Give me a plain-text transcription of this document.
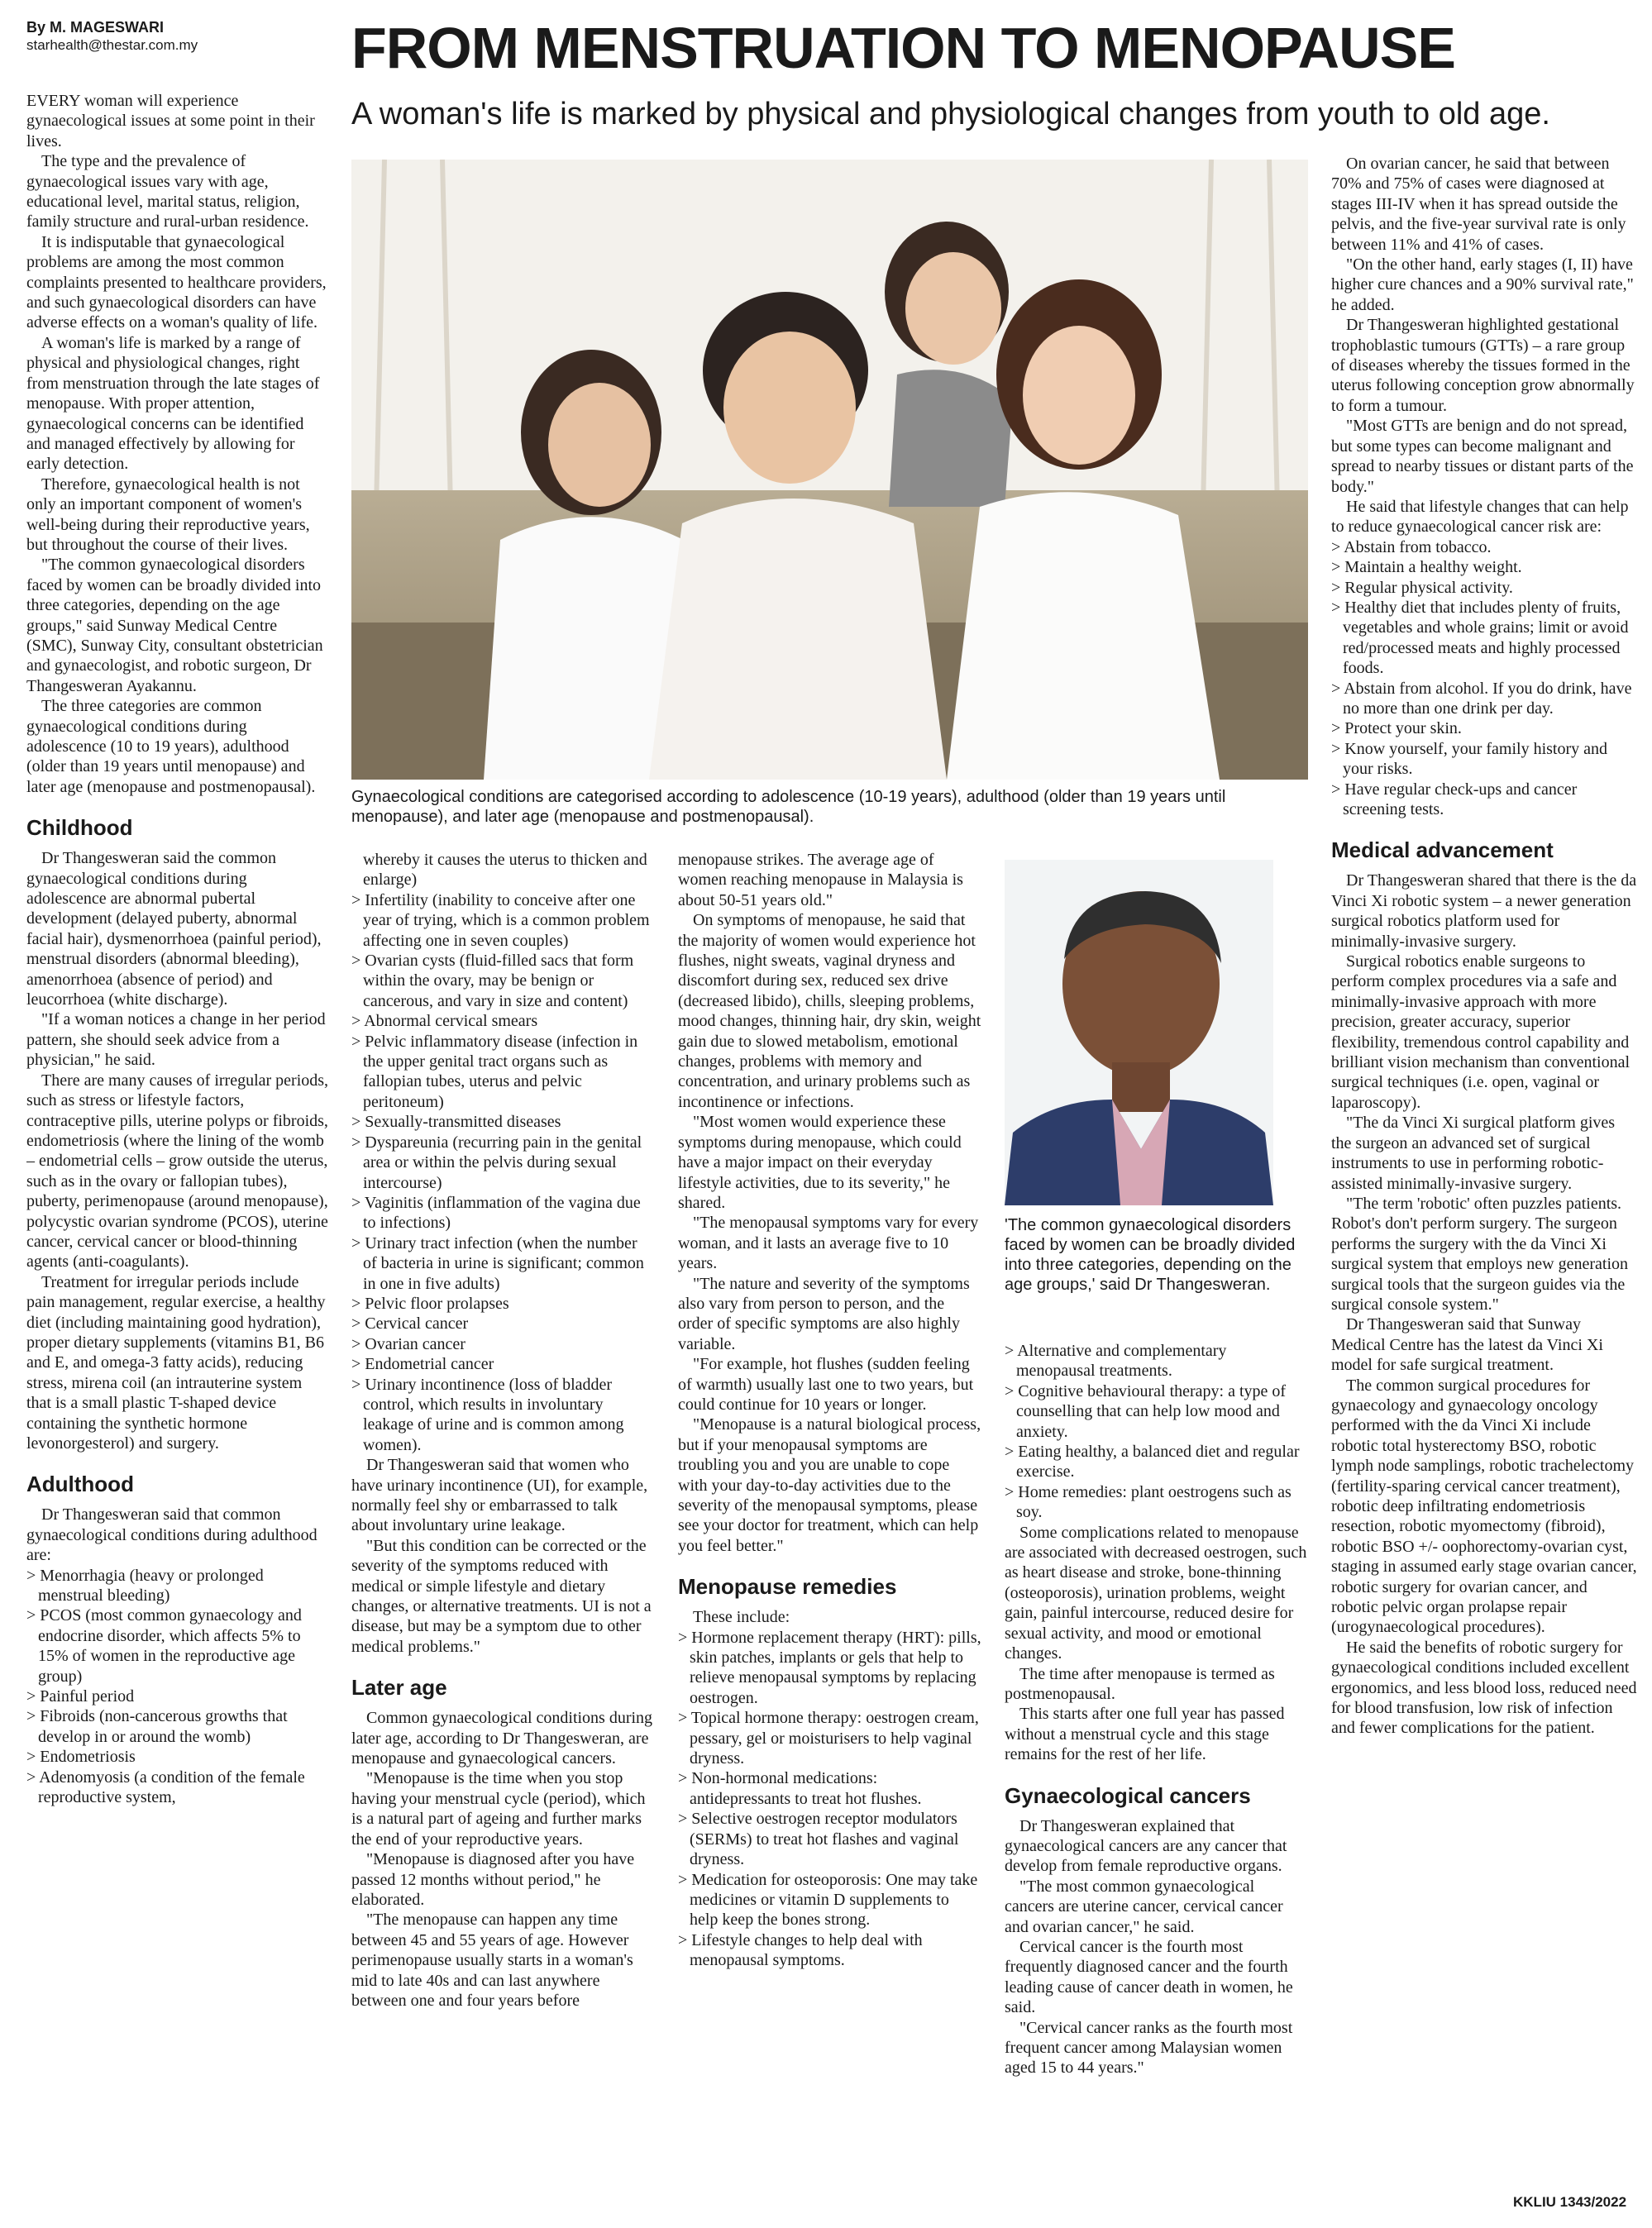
By M. MAGESWARI
starhealth@thestar.com.my	FROM MENSTRUATION TO MENOPAUSE
A woman's life is marked by physical and physiological changes from youth to old age.
Gynaecological conditions are categorised according to adolescence (10-19 years), adulthood (older than 19 years until menopause), and later age (menopause and postmenopausal).

EVERY woman will experience gynaecological issues at some point in their lives.

The type and the prevalence of gynaecological issues vary with age, educational level, marital status, religion, family structure and rural-urban residence.

It is indisputable that gynaecological problems are among the most common complaints presented to healthcare providers, and such gynaecological disorders can have adverse effects on a woman's quality of life.

A woman's life is marked by a range of physical and physiological changes, right from menstruation through the late stages of menopause. With proper attention, gynaecological concerns can be identified and managed effectively by allowing for early detection.

Therefore, gynaecological health is not only an important component of women's well-being during their reproductive years, but throughout the course of their lives.

"The common gynaecological disorders faced by women can be broadly divided into three categories, depending on the age groups," said Sunway Medical Centre (SMC), Sunway City, consultant obstetrician and gynaecologist, and robotic surgeon, Dr Thangesweran Ayakannu.

The three categories are common gynaecological conditions during adolescence (10 to 19 years), adulthood (older than 19 years until menopause) and later age (menopause and postmenopausal).

Childhood

Dr Thangesweran said the common gynaecological conditions during adolescence are abnormal pubertal development (delayed puberty, abnormal facial hair), dysmenorrhoea (painful period), menstrual disorders (abnormal bleeding), amenorrhoea (absence of period) and leucorrhoea (white discharge).

"If a woman notices a change in her period pattern, she should seek advice from a physician," he said.

There are many causes of irregular periods, such as stress or lifestyle factors, contraceptive pills, uterine polyps or fibroids, endometriosis (where the lining of the womb – endometrial cells – grow outside the uterus, such as in the ovary or fallopian tubes), puberty, perimenopause (around menopause), polycystic ovarian syndrome (PCOS), uterine cancer, cervical cancer or blood-thinning agents (anti-coagulants).

Treatment for irregular periods include pain management, regular exercise, a healthy diet (including maintaining good hydration), proper dietary supplements (vitamins B1, B6 and E, and omega-3 fatty acids), reducing stress, mirena coil (an intrauterine system that is a small plastic T-shaped device containing the synthetic hormone levonorgesterol) and surgery.

Adulthood

Dr Thangesweran said that common gynaecological conditions during adulthood are:

> Menorrhagia (heavy or prolonged menstrual bleeding)
> PCOS (most common gynaecology and endocrine disorder, which affects 5% to 15% of women in the reproductive age group)
> Painful period
> Fibroids (non-cancerous growths that develop in or around the womb)
> Endometriosis
> Adenomyosis (a condition of the female reproductive system,

whereby it causes the uterus to thicken and enlarge)

> Infertility (inability to conceive after one year of trying, which is a common problem affecting one in seven couples)
> Ovarian cysts (fluid-filled sacs that form within the ovary, may be benign or cancerous, and vary in size and content)
> Abnormal cervical smears
> Pelvic inflammatory disease (infection in the upper genital tract organs such as fallopian tubes, uterus and pelvic peritoneum)
> Sexually-transmitted diseases
> Dyspareunia (recurring pain in the genital area or within the pelvis during sexual intercourse)
> Vaginitis (inflammation of the vagina due to infections)
> Urinary tract infection (when the number of bacteria in urine is significant; common in one in five adults)
> Pelvic floor prolapses
> Cervical cancer
> Ovarian cancer
> Endometrial cancer
> Urinary incontinence (loss of bladder control, which results in involuntary leakage of urine and is common among women).

Dr Thangesweran said that women who have urinary incontinence (UI), for example, normally feel shy or embarrassed to talk about involuntary urine leakage.

"But this condition can be corrected or the severity of the symptoms reduced with medical or simple lifestyle and dietary changes, or alternative treatments. UI is not a disease, but may be a symptom due to other medical problems."

Later age

Common gynaecological conditions during later age, according to Dr Thangesweran, are menopause and gynaecological cancers.

"Menopause is the time when you stop having your menstrual cycle (period), which is a natural part of ageing and further marks the end of your reproductive years.

"Menopause is diagnosed after you have passed 12 months without period," he elaborated.

"The menopause can happen any time between 45 and 55 years of age. However perimenopause usually starts in a woman's mid to late 40s and can last anywhere between one and four years before

menopause strikes. The average age of women reaching menopause in Malaysia is about 50-51 years old."

On symptoms of menopause, he said that the majority of women would experience hot flushes, night sweats, vaginal dryness and discomfort during sex, reduced sex drive (decreased libido), chills, sleeping problems, mood changes, thinning hair, dry skin, weight gain due to slowed metabolism, emotional changes, problems with memory and concentration, and urinary problems such as incontinence or infections.

"Most women would experience these symptoms during menopause, which could have a major impact on their everyday lifestyle activities, due to its severity," he shared.

"The menopausal symptoms vary for every woman, and it lasts an average five to 10 years.

"The nature and severity of the symptoms also vary from person to person, and the order of specific symptoms are also highly variable.

"For example, hot flushes (sudden feeling of warmth) usually last one to two years, but could continue for 10 years or longer.

"Menopause is a natural biological process, but if your menopausal symptoms are troubling you and you are unable to cope with your day-to-day activities due to the severity of the menopausal symptoms, please see your doctor for treatment, which can help you feel better."

Menopause remedies

These include:

> Hormone replacement therapy (HRT): pills, skin patches, implants or gels that help to relieve menopausal symptoms by replacing oestrogen.
> Topical hormone therapy: oestrogen cream, pessary, gel or moisturisers to help vaginal dryness.
> Non-hormonal medications: antidepressants to treat hot flushes.
> Selective oestrogen receptor modulators (SERMs) to treat hot flashes and vaginal dryness.
> Medication for osteoporosis: One may take medicines or vitamin D supplements to help keep the bones strong.
> Lifestyle changes to help deal with menopausal symptoms.
'The common gynaecological disorders faced by women can be broadly divided into three categories, depending on the age groups,' said Dr Thangesweran.
> Alternative and complementary menopausal treatments.
> Cognitive behavioural therapy: a type of counselling that can help low mood and anxiety.
> Eating healthy, a balanced diet and regular exercise.
> Home remedies: plant oestrogens such as soy.

Some complications related to menopause are associated with decreased oestrogen, such as heart disease and stroke, bone-thinning (osteoporosis), urination problems, weight gain, painful intercourse, reduced desire for sexual activity, and mood or emotional changes.

The time after menopause is termed as postmenopausal.

This starts after one full year has passed without a menstrual cycle and this stage remains for the rest of her life.

Gynaecological cancers

Dr Thangesweran explained that gynaecological cancers are any cancer that develop from female reproductive organs.

"The most common gynaecological cancers are uterine cancer, cervical cancer and ovarian cancer," he said.

Cervical cancer is the fourth most frequently diagnosed cancer and the fourth leading cause of cancer death in women, he said.

"Cervical cancer ranks as the fourth most frequent cancer among Malaysian women aged 15 to 44 years."

On ovarian cancer, he said that between 70% and 75% of cases were diagnosed at stages III-IV when it has spread outside the pelvis, and the five-year survival rate is only between 11% and 41% of cases.

"On the other hand, early stages (I, II) have higher cure chances and a 90% survival rate," he added.

Dr Thangesweran highlighted gestational trophoblastic tumours (GTTs) – a rare group of diseases whereby the tissues formed in the uterus following conception grow abnormally to form a tumour.

"Most GTTs are benign and do not spread, but some types can become malignant and spread to nearby tissues or distant parts of the body."

He said that lifestyle changes that can help to reduce gynaecological cancer risk are:

> Abstain from tobacco.
> Maintain a healthy weight.
> Regular physical activity.
> Healthy diet that includes plenty of fruits, vegetables and whole grains; limit or avoid red/processed meats and highly processed foods.
> Abstain from alcohol. If you do drink, have no more than one drink per day.
> Protect your skin.
> Know yourself, your family history and your risks.
> Have regular check-ups and cancer screening tests.
Medical advancement

Dr Thangesweran shared that there is the da Vinci Xi robotic system – a newer generation surgical robotics platform used for minimally-invasive surgery.

Surgical robotics enable surgeons to perform complex procedures via a safe and minimally-invasive approach with more precision, greater accuracy, superior flexibility, tremendous control capability and brilliant vision mechanism than conventional surgical techniques (i.e. open, vaginal or laparoscopy).

"The da Vinci Xi surgical platform gives the surgeon an advanced set of surgical instruments to use in performing robotic-assisted minimally-invasive surgery.

"The term 'robotic' often puzzles patients. Robot's don't perform surgery. The surgeon performs the surgery with the da Vinci Xi surgical system that employs new generation surgical tools that the surgeon guides via the surgical console system."

Dr Thangesweran said that Sunway Medical Centre has the latest da Vinci Xi model for safe surgical treatment.

The common surgical procedures for gynaecology and gynaecology oncology performed with the da Vinci Xi include robotic total hysterectomy BSO, robotic lymph node samplings, robotic trachelectomy (fertility-sparing cervical cancer treatment), robotic deep infiltrating endometriosis resection, robotic myomectomy (fibroid), robotic BSO +/- oophorectomy-ovarian cyst, staging in assumed early stage ovarian cancer, robotic surgery for ovarian cancer, and robotic pelvic organ prolapse repair (urogynaecological procedures).

He said the benefits of robotic surgery for gynaecological conditions included excellent ergonomics, and less blood loss, reduced need for blood transfusion, low risk of infection and fewer complications for the patient.

KKLIU 1343/2022
